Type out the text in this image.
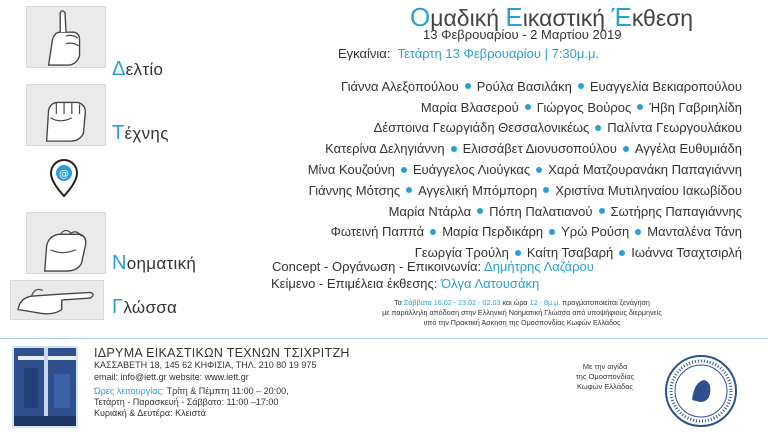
Δελτίο
Τέχνης
@
Νοηματική
Γλώσσα
Ομαδική Εικαστική Έκθεση
13 Φεβρουαρίου - 2 Μαρτίου 2019
Εγκαίνια: Τετάρτη 13 Φεβρουαρίου | 7:30μ.μ.
Γιάννα Αλεξοπούλου Ρούλα Βασιλάκη Ευαγγελία Βεκιαροπούλου
Μαρία Βλασερού Γιώργος Βούρος Ήβη Γαβριηλίδη
Δέσποινα Γεωργιάδη Θεσσαλονικέως Παλίντα Γεωργουλάκου
Κατερίνα Δεληγιάννη Ελισσάβετ Διονυσοπούλου Αγγέλα Ευθυμιάδη
Μίνα Κουζούνη Ευάγγελος Λιούγκας Χαρά Ματζουρανάκη Παπαγιάννη
Γιάννης Μότσης Αγγελική Μπόμπορη Χριστίνα Μυτιληναίου Ιακωβίδου
Μαρία Ντάρλα Πόπη Παλατιανού Σωτήρης Παπαγιάννης
Φωτεινή Παππά Μαρία Περδικάρη Υρώ Ρούση Μανταλένα Τάνη
Γεωργία Τρούλη Καίτη Τσαβαρή Ιωάννα Τσαχτσιρλή
Concept - Οργάνωση - Επικοινωνία: Δημήτρης Λαζάρου
Κείμενο - Επιμέλεια έκθεσης: Όλγα Λατουσάκη
Τα Σάββατα 16.02 - 23.02 - 02.03 και ώρα 12 - 8μ.μ. πραγματοποιείται ξενάγηση
με παράλληλη απόδοση στην Ελληνική Νοηματική Γλώσσα από υποψήφιους διερμηνείς
υπό την Πρακτική Άσκηση της Ομοσπονδίας Κωφών Ελλάδος
ΙΔΡΥΜΑ ΕΙΚΑΣΤΙΚΩΝ ΤΕΧΝΩΝ ΤΣΙΧΡΙΤΖΗ
ΚΑΣΣΑΒΕΤΗ 18, 145 62 ΚΗΦΙΣΙΑ, ΤΗΛ. 210 80 19 975
email: info@iett.gr website: www.iett.gr
Ώρες λειτουργίας: Τρίτη & Πέμπτη 11:00 – 20:00,
Τετάρτη - Παρασκευή - Σάββατο: 11:00 –17:00
Κυριακή & Δευτέρα: Κλειστά
Με την αιγίδα
της Ομοσπονδίας
Κωφών Ελλάδος
